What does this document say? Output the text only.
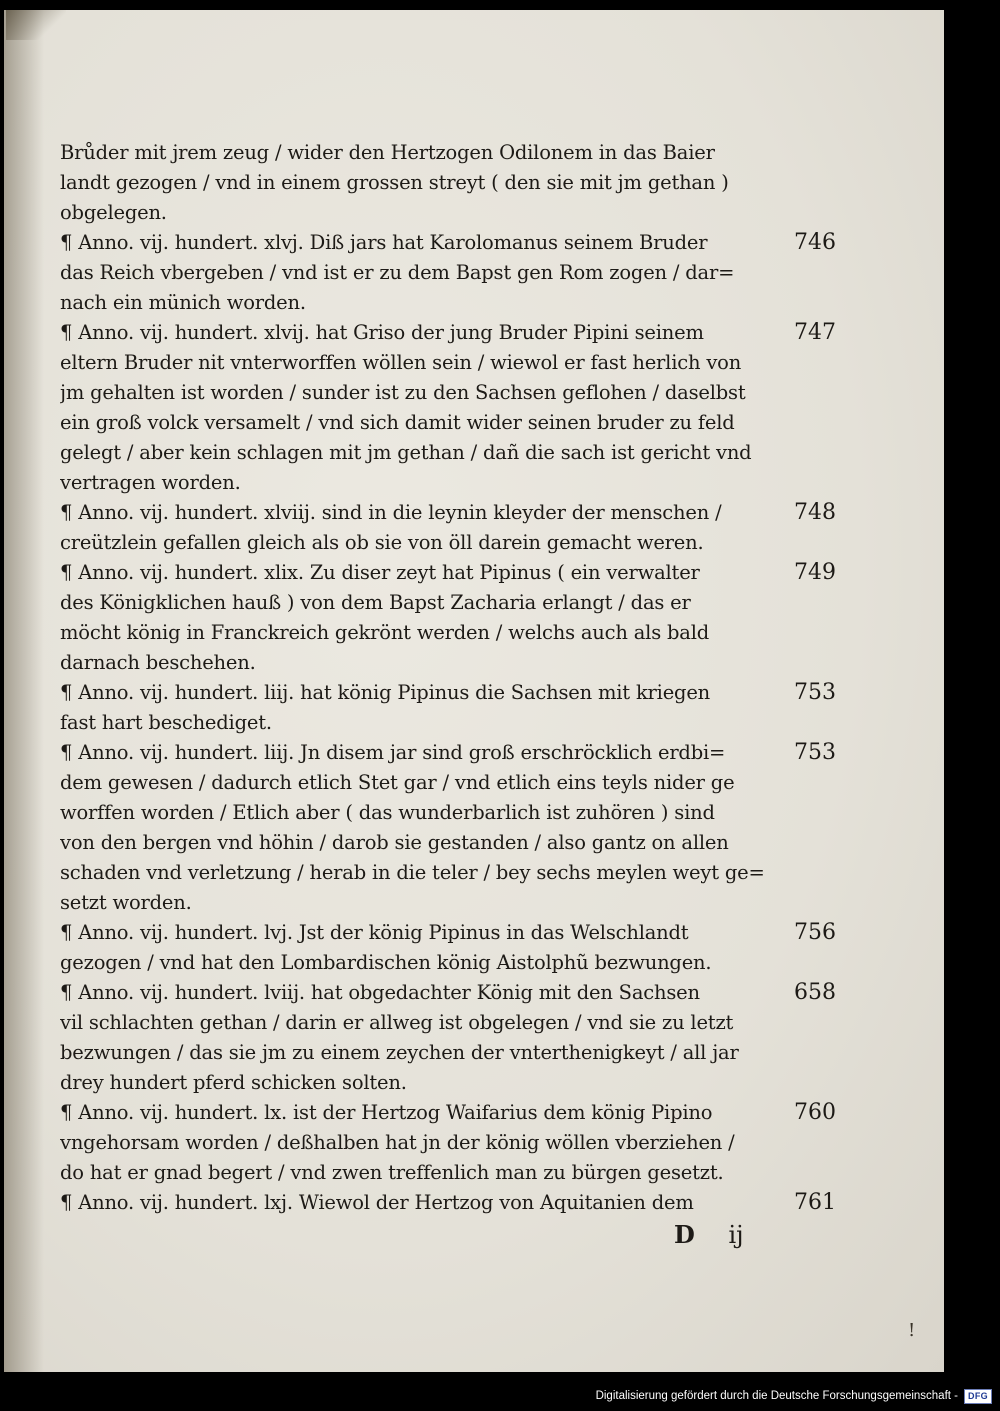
Brůder mit jrem zeug / wider den Hertzogen Odilonem in das Baier
landt gezogen / vnd in einem grossen streyt ( den sie mit jm gethan )
obgelegen.
¶ Anno. vij. hundert. xlvj. Diß jars hat Karolomanus seinem Bruder
das Reich vbergeben / vnd ist er zu dem Bapst gen Rom zogen / dar=
nach ein münich worden.
¶ Anno. vij. hundert. xlvij. hat Griso der jung Bruder Pipini seinem
eltern Bruder nit vnterworffen wöllen sein / wiewol er fast herlich von
jm gehalten ist worden / sunder ist zu den Sachsen geflohen / daselbst
ein groß volck versamelt / vnd sich damit wider seinen bruder zu feld
gelegt / aber kein schlagen mit jm gethan / dañ die sach ist gericht vnd
vertragen worden.
¶ Anno. vij. hundert. xlviij. sind in die leynin kleyder der menschen /
creützlein gefallen gleich als ob sie von öll darein gemacht weren.
¶ Anno. vij. hundert. xlix. Zu diser zeyt hat Pipinus ( ein verwalter
des Königklichen hauß ) von dem Bapst Zacharia erlangt / das er
möcht könig in Franckreich gekrönt werden / welchs auch als bald
darnach beschehen.
¶ Anno. vij. hundert. liij. hat könig Pipinus die Sachsen mit kriegen
fast hart beschediget.
¶ Anno. vij. hundert. liij. Jn disem jar sind groß erschröcklich erdbi=
dem gewesen / dadurch etlich Stet gar / vnd etlich eins teyls nider ge
worffen worden / Etlich aber ( das wunderbarlich ist zuhören ) sind
von den bergen vnd höhin / darob sie gestanden / also gantz on allen
schaden vnd verletzung / herab in die teler / bey sechs meylen weyt ge=
setzt worden.
¶ Anno. vij. hundert. lvj. Jst der könig Pipinus in das Welschlandt
gezogen / vnd hat den Lombardischen könig Aistolphũ bezwungen.
¶ Anno. vij. hundert. lviij. hat obgedachter König mit den Sachsen
vil schlachten gethan / darin er allweg ist obgelegen / vnd sie zu letzt
bezwungen / das sie jm zu einem zeychen der vnterthenigkeyt / all jar
drey hundert pferd schicken solten.
¶ Anno. vij. hundert. lx. ist der Hertzog Waifarius dem könig Pipino
vngehorsam worden / deßhalben hat jn der könig wöllen vberziehen /
do hat er gnad begert / vnd zwen treffenlich man zu bürgen gesetzt.
¶ Anno. vij. hundert. lxj. Wiewol der Hertzog von Aquitanien dem
746
747
748
749
753
753
756
658
760
761
D ij
!
Digitalisierung gefördert durch die Deutsche Forschungsgemeinschaft -	DFG
